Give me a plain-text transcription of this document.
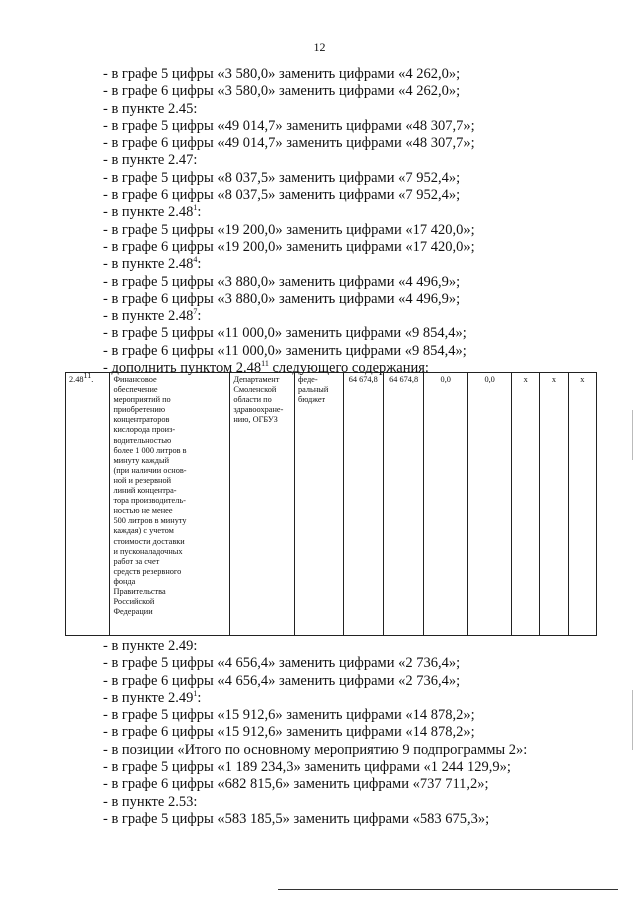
12
- в графе 5 цифры «3 580,0» заменить цифрами «4 262,0»;
- в графе 6 цифры «3 580,0» заменить цифрами «4 262,0»;
- в пункте 2.45:
- в графе 5 цифры «49 014,7» заменить цифрами «48 307,7»;
- в графе 6 цифры «49 014,7» заменить цифрами «48 307,7»;
- в пункте 2.47:
- в графе 5 цифры «8 037,5» заменить цифрами «7 952,4»;
- в графе 6 цифры «8 037,5» заменить цифрами «7 952,4»;
- в пункте 2.48$^1$:
- в графе 5 цифры «19 200,0» заменить цифрами «17 420,0»;
- в графе 6 цифры «19 200,0» заменить цифрами «17 420,0»;
- в пункте 2.48$^4$:
- в графе 5 цифры «3 880,0» заменить цифрами «4 496,9»;
- в графе 6 цифры «3 880,0» заменить цифрами «4 496,9»;
- в пункте 2.48$^7$:
- в графе 5 цифры «11 000,0» заменить цифрами «9 854,4»;
- в графе 6 цифры «11 000,0» заменить цифрами «9 854,4»;
- дополнить пунктом 2.48$^{11}$ следующего содержания:
2.48$^{11}$.	Финансовое
обеспечение
мероприятий по
приобретению
концентраторов
кислорода произ-
водительностью
более 1 000 литров в
минуту каждый
(при наличии основ-
ной и резервной
линий концентра-
тора производитель-
ностью не менее
500 литров в минуту
каждая) с учетом
стоимости доставки
и пусконаладочных
работ за счет
средств резервного
фонда
Правительства
Российской
Федерации	Департамент
Смоленской
области по
здравоохране-
нию, ОГБУЗ	феде-
ральный
бюджет	64 674,8	64 674,8	0,0	0,0	x	x	x
- в пункте 2.49:
- в графе 5 цифры «4 656,4» заменить цифрами «2 736,4»;
- в графе 6 цифры «4 656,4» заменить цифрами «2 736,4»;
- в пункте 2.49$^1$:
- в графе 5 цифры «15 912,6» заменить цифрами «14 878,2»;
- в графе 6 цифры «15 912,6» заменить цифрами «14 878,2»;
- в позиции «Итого по основному мероприятию 9 подпрограммы 2»:
- в графе 5 цифры «1 189 234,3» заменить цифрами «1 244 129,9»;
- в графе 6 цифры «682 815,6» заменить цифрами «737 711,2»;
- в пункте 2.53:
- в графе 5 цифры «583 185,5» заменить цифрами «583 675,3»;
